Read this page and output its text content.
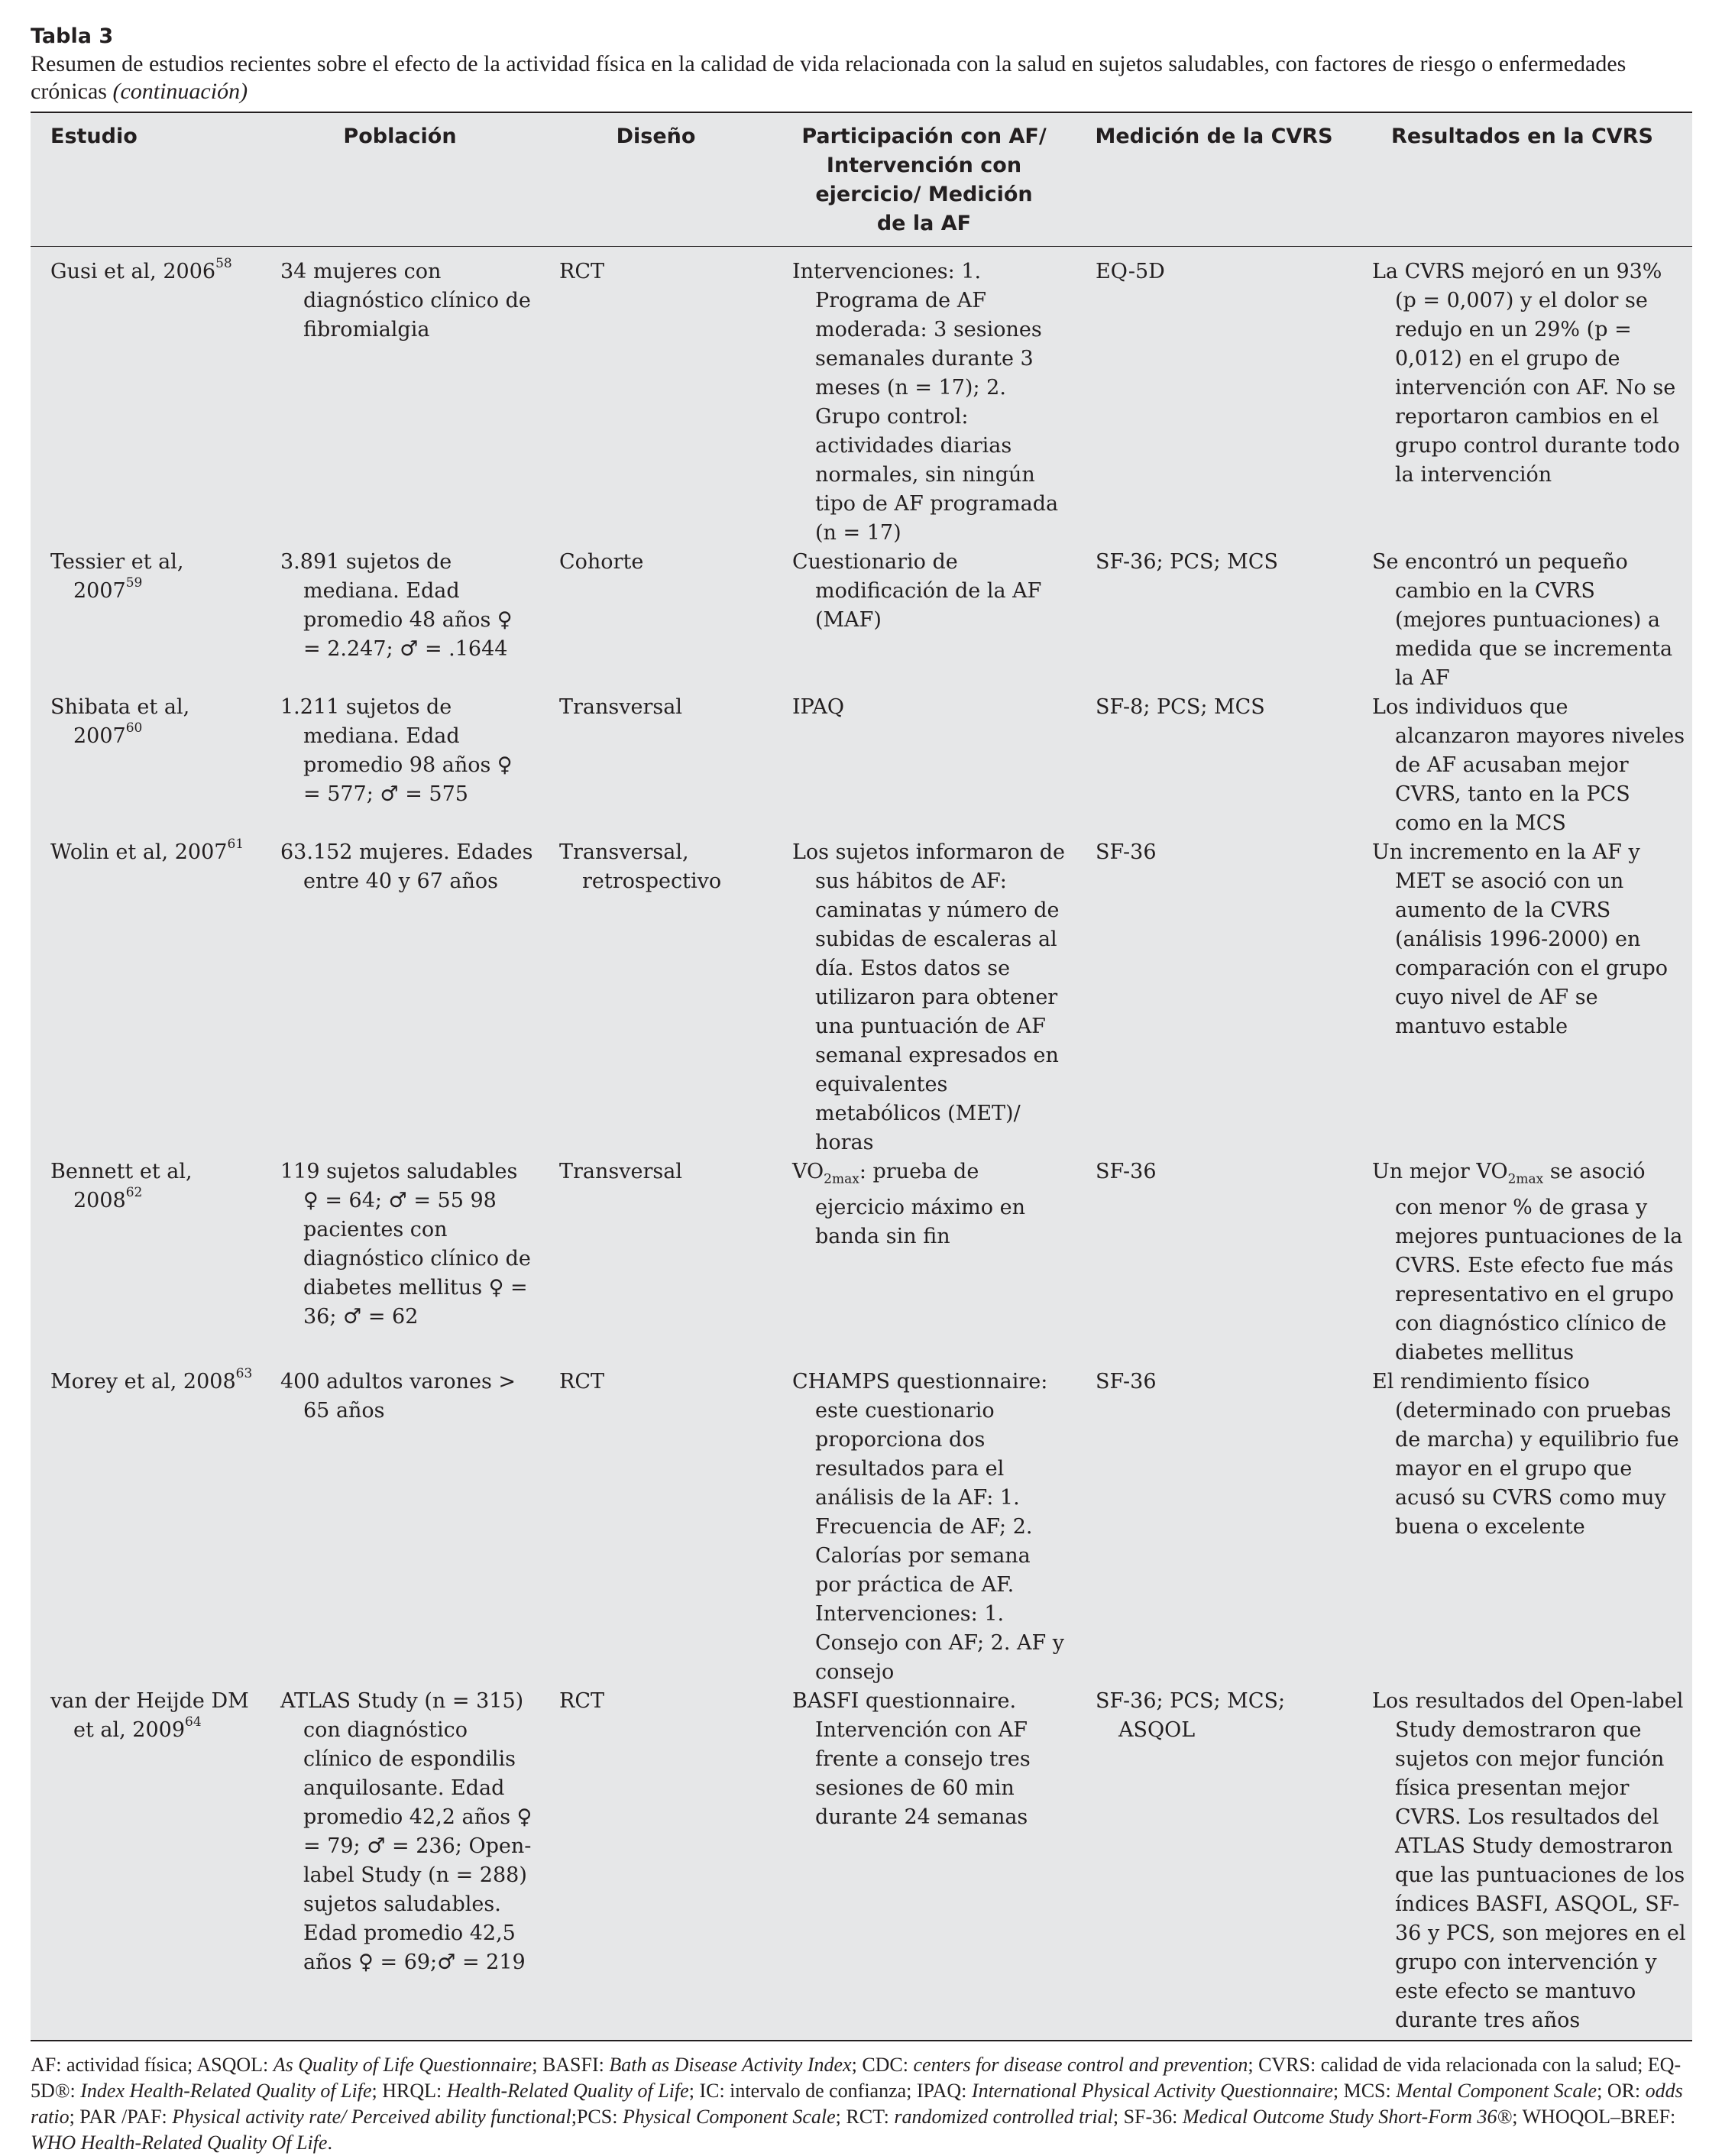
Tabla 3

Resumen de estudios recientes sobre el efecto de la actividad física en la calidad de vida relacionada con la salud en sujetos saludables, con factores de riesgo o enfermedades crónicas (continuación)

Estudio	Población	Diseño	Participación con AF/ Intervención con ejercicio/ Medición de la AF	Medición de la CVRS	Resultados en la CVRS

Gusi et al, 2006$^{58}$	34 mujeres con diagnóstico clínico de fibromialgia	RCT	Intervenciones: 1. Programa de AF moderada: 3 sesiones semanales durante 3 meses (n = 17); 2. Grupo control: actividades diarias normales, sin ningún tipo de AF programada (n = 17)	EQ-5D	La CVRS mejoró en un 93% (p = 0,007) y el dolor se redujo en un 29% (p = 0,012) en el grupo de intervención con AF. No se reportaron cambios en el grupo control durante todo la intervención

Tessier et al, 2007$^{59}$	3.891 sujetos de mediana. Edad promedio 48 años ♀ = 2.247; ♂ = .1644	Cohorte	Cuestionario de modificación de la AF (MAF)	SF-36; PCS; MCS	Se encontró un pequeño cambio en la CVRS (mejores puntuaciones) a medida que se incrementa la AF

Shibata et al, 2007$^{60}$	1.211 sujetos de mediana. Edad promedio 98 años ♀ = 577; ♂ = 575	Transversal	IPAQ	SF-8; PCS; MCS	Los individuos que alcanzaron mayores niveles de AF acusaban mejor CVRS, tanto en la PCS como en la MCS

Wolin et al, 2007$^{61}$	63.152 mujeres. Edades entre 40 y 67 años	Transversal, retrospectivo	Los sujetos informaron de sus hábitos de AF: caminatas y número de subidas de escaleras al día. Estos datos se utilizaron para obtener una puntuación de AF semanal expresados en equivalentes metabólicos (MET)/ horas	SF-36	Un incremento en la AF y MET se asoció con un aumento de la CVRS (análisis 1996-2000) en comparación con el grupo cuyo nivel de AF se mantuvo estable

Bennett et al, 2008$^{62}$	119 sujetos saludables ♀ = 64; ♂ = 55 98 pacientes con diagnóstico clínico de diabetes mellitus ♀ = 36; ♂ = 62	Transversal	$VO_{2max}$: prueba de ejercicio máximo en banda sin fin	SF-36	Un mejor $VO_{2max}$ se asoció con menor % de grasa y mejores puntuaciones de la CVRS. Este efecto fue más representativo en el grupo con diagnóstico clínico de diabetes mellitus

Morey et al, 2008$^{63}$	400 adultos varones > 65 años	RCT	CHAMPS questionnaire: este cuestionario proporciona dos resultados para el análisis de la AF: 1. Frecuencia de AF; 2. Calorías por semana por práctica de AF. Intervenciones: 1. Consejo con AF; 2. AF y consejo	SF-36	El rendimiento físico (determinado con pruebas de marcha) y equilibrio fue mayor en el grupo que acusó su CVRS como muy buena o excelente

van der Heijde DM et al, 2009$^{64}$	ATLAS Study (n = 315) con diagnóstico clínico de espondilis anquilosante. Edad promedio 42,2 años ♀ = 79; ♂ = 236; Open-label Study (n = 288) sujetos saludables. Edad promedio 42,5 años ♀ = 69;♂ = 219	RCT	BASFI questionnaire. Intervención con AF frente a consejo tres sesiones de 60 min durante 24 semanas	SF-36; PCS; MCS; ASQOL	Los resultados del Open-label Study demostraron que sujetos con mejor función física presentan mejor CVRS. Los resultados del ATLAS Study demostraron que las puntuaciones de los índices BASFI, ASQOL, SF-36 y PCS, son mejores en el grupo con intervención y este efecto se mantuvo durante tres años
AF: actividad física; ASQOL: As Quality of Life Questionnaire; BASFI: Bath as Disease Activity Index; CDC: centers for disease control and prevention; CVRS: calidad de vida relacionada con la salud; EQ-5D®: Index Health-Related Quality of Life; HRQL: Health-Related Quality of Life; IC: intervalo de confianza; IPAQ: International Physical Activity Questionnaire; MCS: Mental Component Scale; OR: odds ratio; PAR /PAF: Physical activity rate/ Perceived ability functional;PCS: Physical Component Scale; RCT: randomized controlled trial; SF-36: Medical Outcome Study Short-Form 36®; WHOQOL–BREF: WHO Health-Related Quality Of Life.
